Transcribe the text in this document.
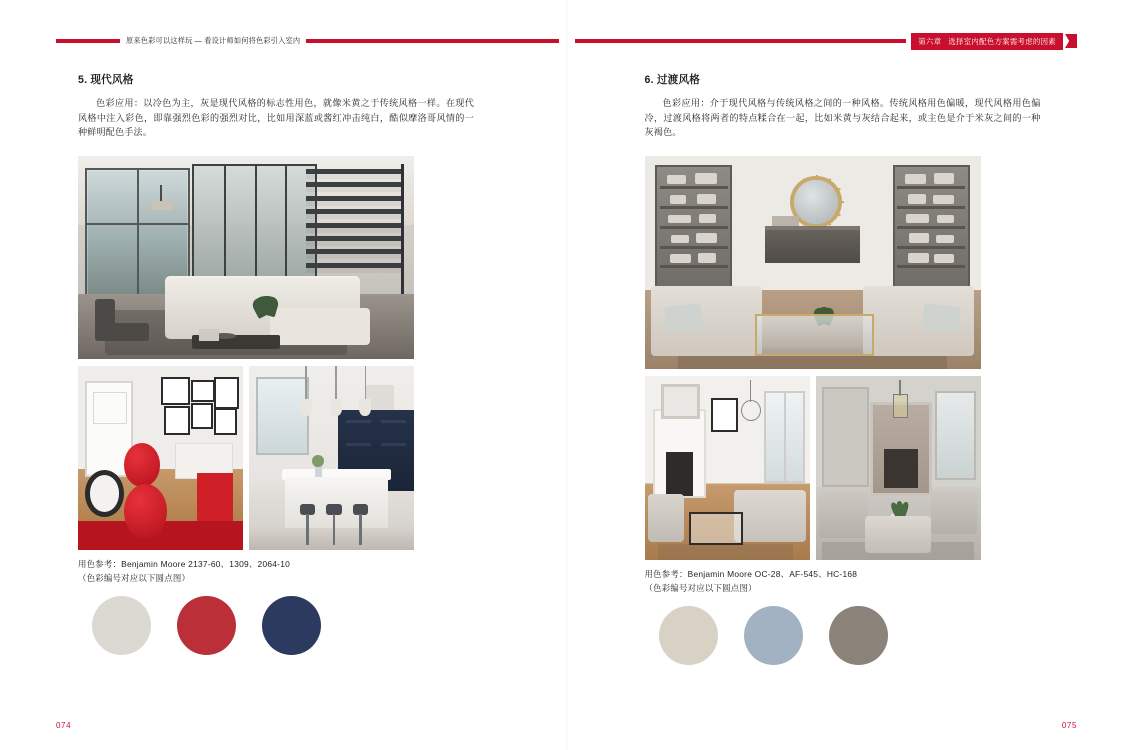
原来色彩可以这样玩 — 看设计师如何将色彩引入室内
5. 现代风格

色彩应用：以冷色为主，灰是现代风格的标志性用色，就像米黄之于传统风格一样。在现代风格中注入彩色，即靠强烈色彩的强烈对比，比如用深蓝或酱红冲击纯白，酷似摩洛哥风情的一种鲜明配色手法。

用色参考：Benjamin Moore 2137-60、1309、2064-10
（色彩编号对应以下圆点图）
074
第六章 选择室内配色方案需考虑的因素
6. 过渡风格

色彩应用：介于现代风格与传统风格之间的一种风格。传统风格用色偏暖，现代风格用色偏冷，过渡风格将两者的特点糅合在一起，比如米黄与灰结合起来，或主色是介于米灰之间的一种灰褐色。

用色参考：Benjamin Moore OC-28、AF-545、HC-168
（色彩编号对应以下圆点图）
075
